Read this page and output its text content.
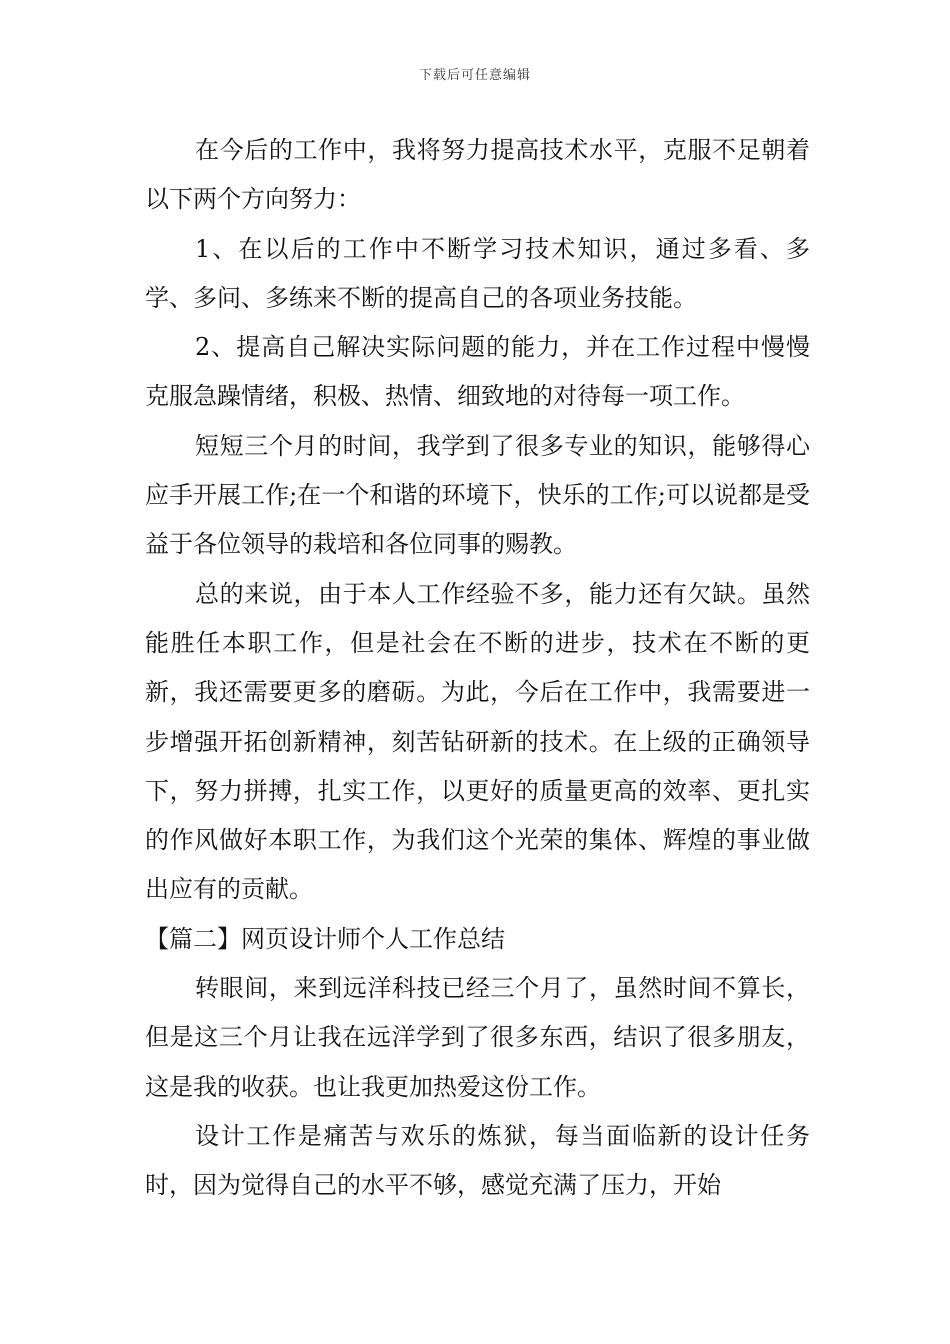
下载后可任意编辑

在今后的工作中，我将努力提高技术水平，克服不足朝着以下两个方向努力：

1、在以后的工作中不断学习技术知识，通过多看、多学、多问、多练来不断的提高自己的各项业务技能。

2、提高自己解决实际问题的能力，并在工作过程中慢慢克服急躁情绪，积极、热情、细致地的对待每一项工作。

短短三个月的时间，我学到了很多专业的知识，能够得心应手开展工作;在一个和谐的环境下，快乐的工作;可以说都是受益于各位领导的栽培和各位同事的赐教。

总的来说，由于本人工作经验不多，能力还有欠缺。虽然能胜任本职工作，但是社会在不断的进步，技术在不断的更新，我还需要更多的磨砺。为此，今后在工作中，我需要进一步增强开拓创新精神，刻苦钻研新的技术。在上级的正确领导下，努力拼搏，扎实工作，以更好的质量更高的效率、更扎实的作风做好本职工作，为我们这个光荣的集体、辉煌的事业做出应有的贡献。

【篇二】网页设计师个人工作总结

转眼间，来到远洋科技已经三个月了，虽然时间不算长，但是这三个月让我在远洋学到了很多东西，结识了很多朋友，这是我的收获。也让我更加热爱这份工作。

设计工作是痛苦与欢乐的炼狱，每当面临新的设计任务时，因为觉得自己的水平不够，感觉充满了压力，开始
